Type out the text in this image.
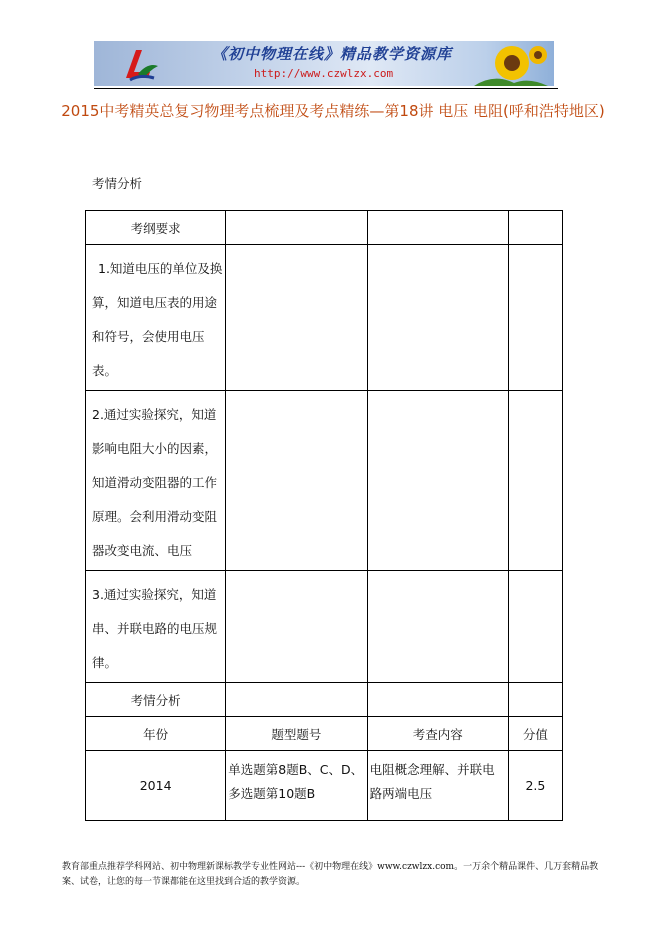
《初中物理在线》精品教学资源库
http://www.czwlzx.com
2015中考精英总复习物理考点梳理及考点精练—第18讲 电压 电阻(呼和浩特地区)
考情分析
考纲要求			
1.知道电压的单位及换算，知道电压表的用途和符号，会使用电压表。			
2.通过实验探究，知道影响电阻大小的因素，知道滑动变阻器的工作原理。会利用滑动变阻器改变电流、电压			
3.通过实验探究，知道串、并联电路的电压规律。			
考情分析			
年份	题型题号	考查内容	分值
2014	单选题第8题B、C、D、多选题第10题B	电阻概念理解、并联电路两端电压	2.5
教育部重点推荐学科网站、初中物理新课标教学专业性网站---《初中物理在线》www.czwlzx.com。一万余个精品课件、几万套精品教案、试卷，让您的每一节课都能在这里找到合适的教学资源。
